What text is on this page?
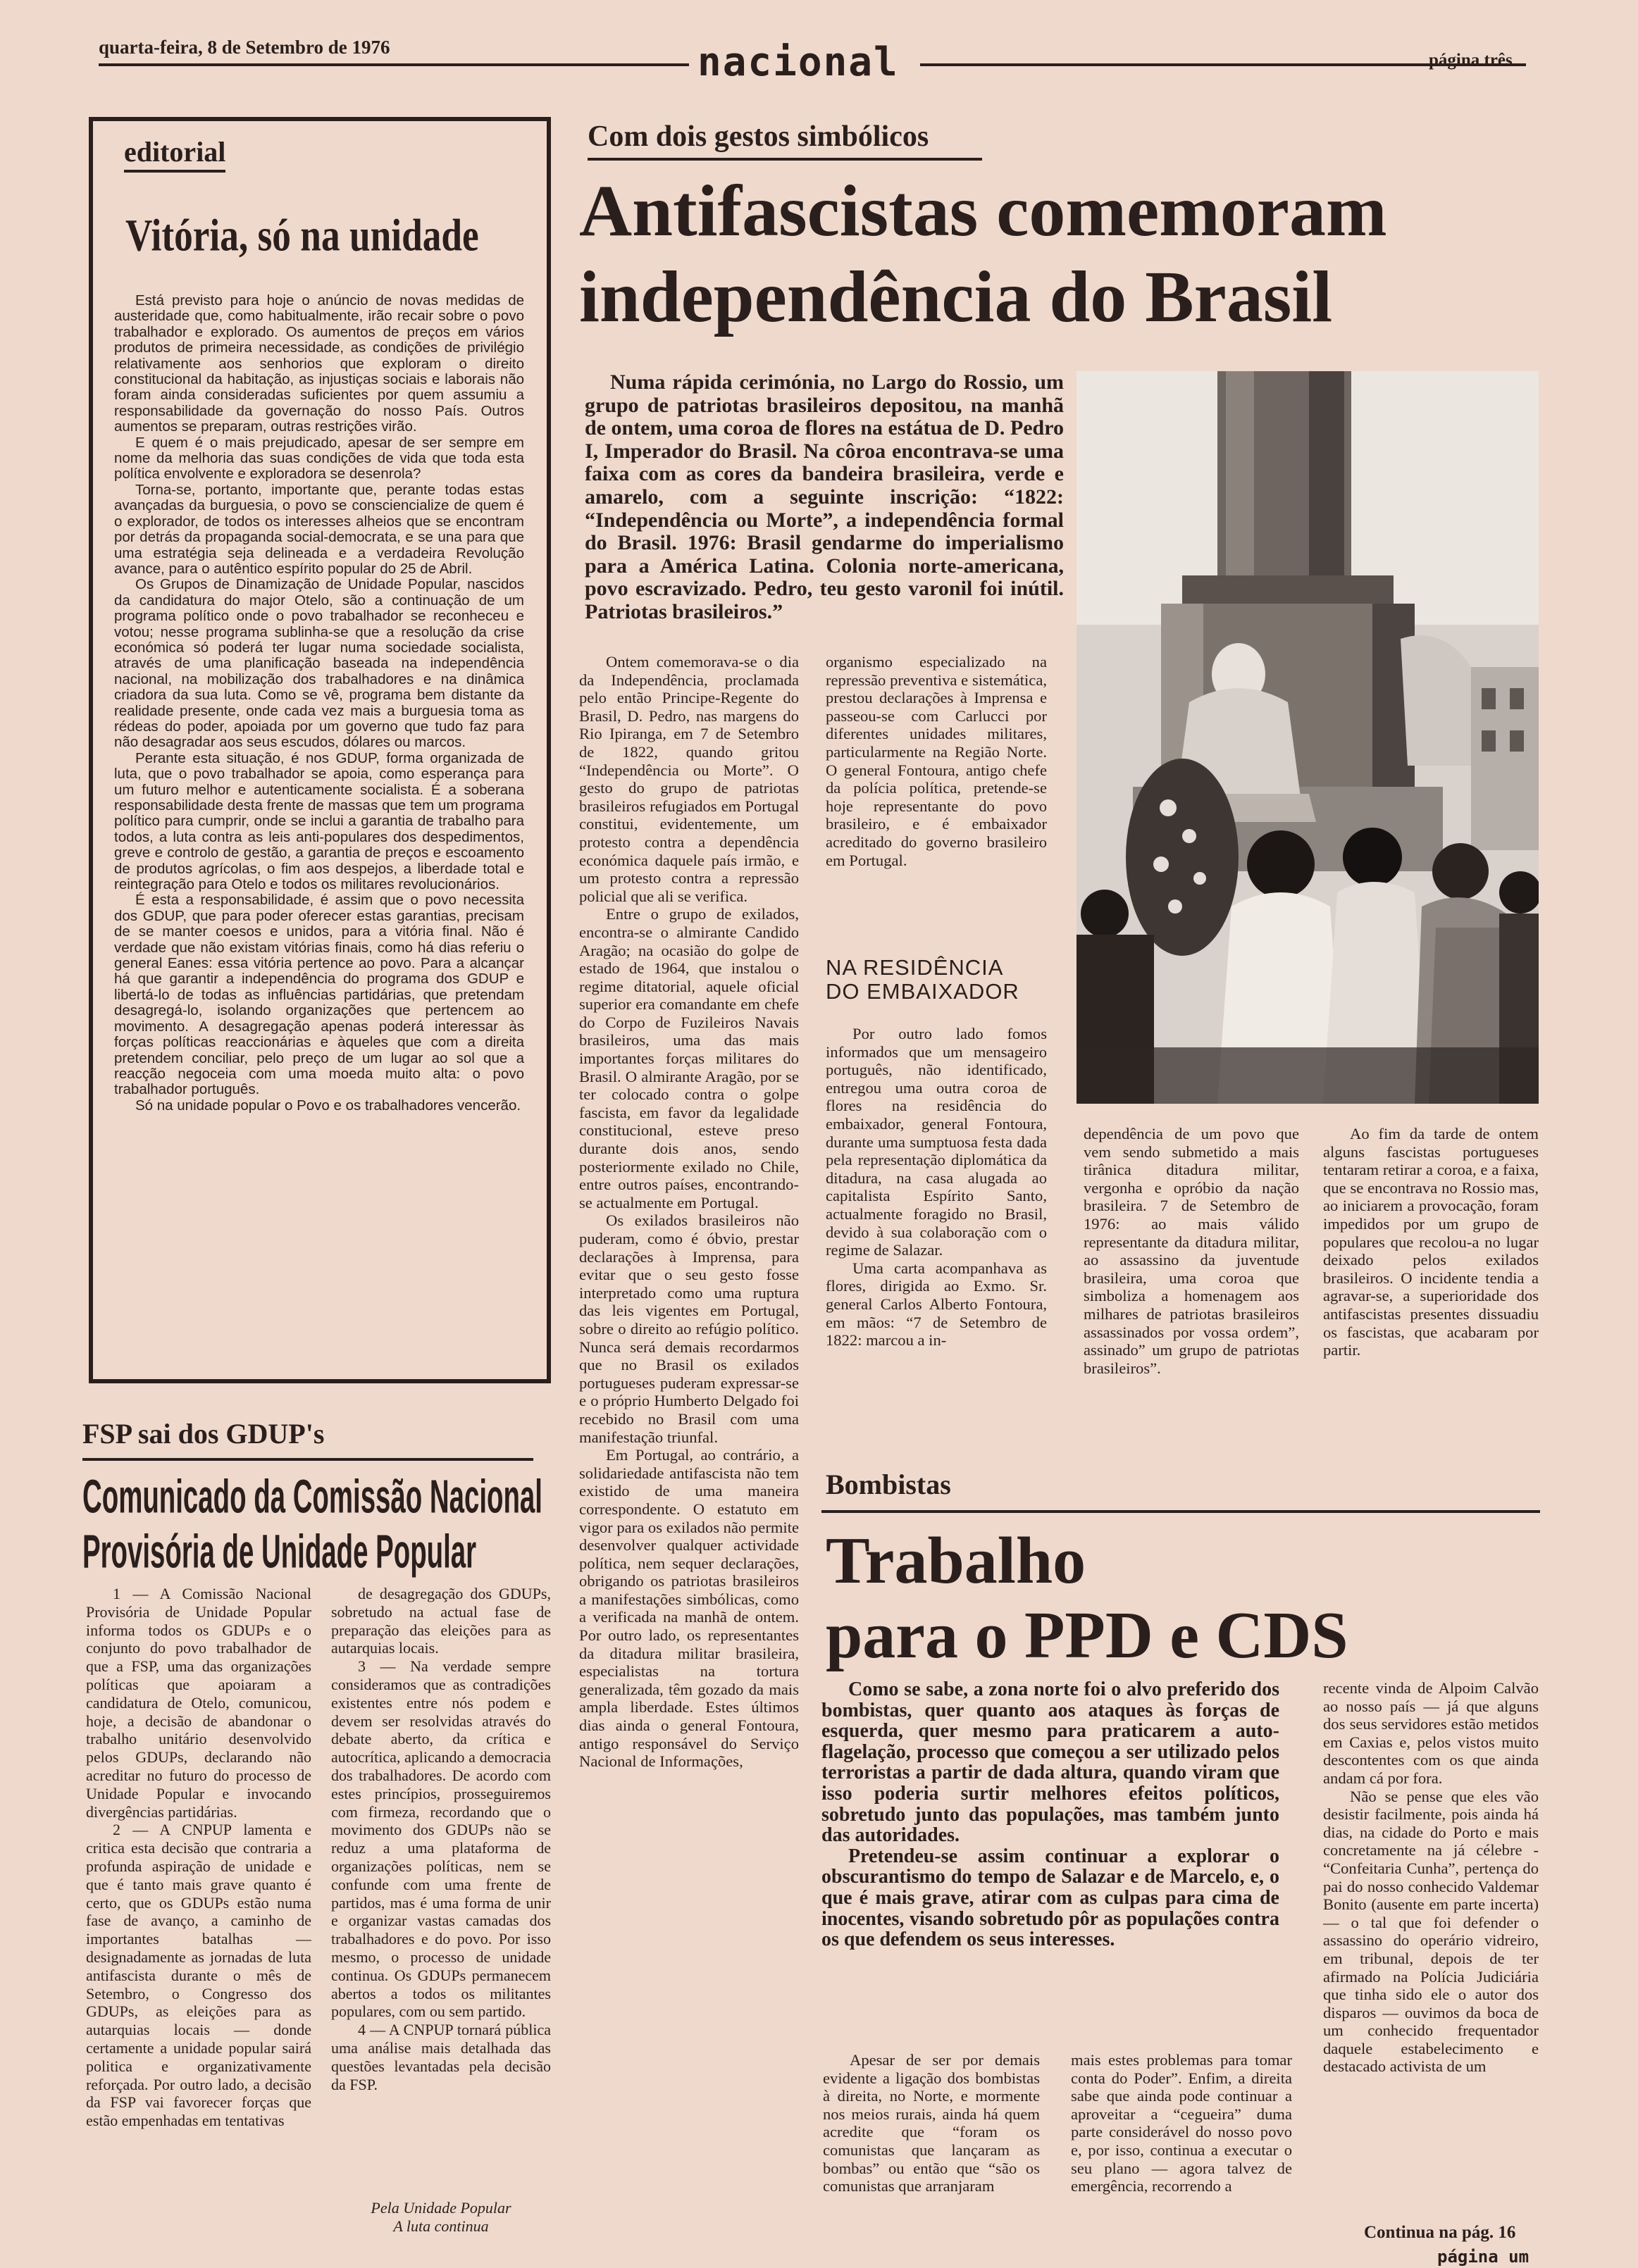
quarta-feira, 8 de Setembro de 1976	nacional	página três
editorial
Vitória, só na unidade

Está previsto para hoje o anúncio de novas medidas de austeridade que, como habitualmente, irão recair sobre o povo trabalhador e explorado. Os aumentos de preços em vários produtos de primeira necessidade, as condições de privilégio relativamente aos senhorios que exploram o direito constitucional da habitação, as injustiças sociais e laborais não foram ainda consideradas suficientes por quem assumiu a responsabilidade da governação do nosso País. Outros aumentos se preparam, outras restrições virão.

E quem é o mais prejudicado, apesar de ser sempre em nome da melhoria das suas condições de vida que toda esta política envolvente e exploradora se desenrola?

Torna-se, portanto, importante que, perante todas estas avançadas da burguesia, o povo se consciencialize de quem é o explorador, de todos os interesses alheios que se encontram por detrás da propaganda social-democrata, e se una para que uma estratégia seja delineada e a verdadeira Revolução avance, para o autêntico espírito popular do 25 de Abril.

Os Grupos de Dinamização de Unidade Popular, nascidos da candidatura do major Otelo, são a continuação de um programa político onde o povo trabalhador se reconheceu e votou; nesse programa sublinha-se que a resolução da crise económica só poderá ter lugar numa sociedade socialista, através de uma planificação baseada na independência nacional, na mobilização dos trabalhadores e na dinâmica criadora da sua luta. Como se vê, programa bem distante da realidade presente, onde cada vez mais a burguesia toma as rédeas do poder, apoiada por um governo que tudo faz para não desagradar aos seus escudos, dólares ou marcos.

Perante esta situação, é nos GDUP, forma organizada de luta, que o povo trabalhador se apoia, como esperança para um futuro melhor e autenticamente socialista. É a soberana responsabilidade desta frente de massas que tem um programa político para cumprir, onde se inclui a garantia de trabalho para todos, a luta contra as leis anti-populares dos despedimentos, greve e controlo de gestão, a garantia de preços e escoamento de produtos agrícolas, o fim aos despejos, a liberdade total e reintegração para Otelo e todos os militares revolucionários.

É esta a responsabilidade, é assim que o povo necessita dos GDUP, que para poder oferecer estas garantias, precisam de se manter coesos e unidos, para a vitória final. Não é verdade que não existam vitórias finais, como há dias referiu o general Eanes: essa vitória pertence ao povo. Para a alcançar há que garantir a independência do programa dos GDUP e libertá-lo de todas as influências partidárias, que pretendam desagregá-lo, isolando organizações que pertencem ao movimento. A desagregação apenas poderá interessar às forças políticas reaccionárias e àqueles que com a direita pretendem conciliar, pelo preço de um lugar ao sol que a reacção negoceia com uma moeda muito alta: o povo trabalhador português.

Só na unidade popular o Povo e os trabalhadores vencerão.

FSP sai dos GDUP's
Comunicado da Comissão Nacional
Provisória de Unidade Popular

1 — A Comissão Nacional Provisória de Unidade Popular informa todos os GDUPs e o conjunto do povo trabalhador de que a FSP, uma das organizações políticas que apoiaram a candidatura de Otelo, comunicou, hoje, a decisão de abandonar o trabalho unitário desenvolvido pelos GDUPs, declarando não acreditar no futuro do processo de Unidade Popular e invocando divergências partidárias.

2 — A CNPUP lamenta e critica esta decisão que contraria a profunda aspiração de unidade e que é tanto mais grave quanto é certo, que os GDUPs estão numa fase de avanço, a caminho de importantes batalhas — designadamente as jornadas de luta antifascista durante o mês de Setembro, o Congresso dos GDUPs, as eleições para as autarquias locais — donde certamente a unidade popular sairá politica e organizativamente reforçada. Por outro lado, a decisão da FSP vai favorecer forças que estão empenhadas em tentativas

de desagregação dos GDUPs, sobretudo na actual fase de preparação das eleições para as autarquias locais.

3 — Na verdade sempre consideramos que as contradições existentes entre nós podem e devem ser resolvidas através do debate aberto, da crítica e autocrítica, aplicando a democracia dos trabalhadores. De acordo com estes princípios, prosseguiremos com firmeza, recordando que o movimento dos GDUPs não se reduz a uma plataforma de organizações políticas, nem se confunde com uma frente de partidos, mas é uma forma de unir e organizar vastas camadas dos trabalhadores e do povo. Por isso mesmo, o processo de unidade continua. Os GDUPs permanecem abertos a todos os militantes populares, com ou sem partido.

4 — A CNPUP tornará pública uma análise mais detalhada das questões levantadas pela decisão da FSP.

Pela Unidade Popular
A luta continua
Com dois gestos simbólicos
Antifascistas comemoram
independência do Brasil
Numa rápida cerimónia, no Largo do Rossio, um grupo de patriotas brasileiros depositou, na manhã de ontem, uma coroa de flores na estátua de D. Pedro I, Imperador do Brasil. Na côroa encontrava-se uma faixa com as cores da bandeira brasileira, verde e amarelo, com a seguinte inscrição: “1822: “Independência ou Morte”, a independência formal do Brasil. 1976: Brasil gendarme do imperialismo para a América Latina. Colonia norte-americana, povo escravizado. Pedro, teu gesto varonil foi inútil. Patriotas brasileiros.”

Ontem comemorava-se o dia da Independência, proclamada pelo então Principe-Regente do Brasil, D. Pedro, nas margens do Rio Ipiranga, em 7 de Setembro de 1822, quando gritou “Independência ou Morte”. O gesto do grupo de patriotas brasileiros refugiados em Portugal constitui, evidentemente, um protesto contra a dependência económica daquele país irmão, e um protesto contra a repressão policial que ali se verifica.

Entre o grupo de exilados, encontra-se o almirante Candido Aragão; na ocasião do golpe de estado de 1964, que instalou o regime ditatorial, aquele oficial superior era comandante em chefe do Corpo de Fuzileiros Navais brasileiros, uma das mais importantes forças militares do Brasil. O almirante Aragão, por se ter colocado contra o golpe fascista, em favor da legalidade constitucional, esteve preso durante dois anos, sendo posteriormente exilado no Chile, entre outros países, encontrando-se actualmente em Portugal.

Os exilados brasileiros não puderam, como é óbvio, prestar declarações à Imprensa, para evitar que o seu gesto fosse interpretado como uma ruptura das leis vigentes em Portugal, sobre o direito ao refúgio político. Nunca será demais recordarmos que no Brasil os exilados portugueses puderam expressar-se e o próprio Humberto Delgado foi recebido no Brasil com uma manifestação triunfal.

Em Portugal, ao contrário, a solidariedade antifascista não tem existido de uma maneira correspondente. O estatuto em vigor para os exilados não permite desenvolver qualquer actividade política, nem sequer declarações, obrigando os patriotas brasileiros a manifestações simbólicas, como a verificada na manhã de ontem. Por outro lado, os representantes da ditadura militar brasileira, especialistas na tortura generalizada, têm gozado da mais ampla liberdade. Estes últimos dias ainda o general Fontoura, antigo responsável do Serviço Nacional de Informações,

organismo especializado na repressão preventiva e sistemática, prestou declarações à Imprensa e passeou-se com Carlucci por diferentes unidades militares, particularmente na Região Norte. O general Fontoura, antigo chefe da polícia política, pretende-se hoje representante do povo brasileiro, e é embaixador acreditado do governo brasileiro em Portugal.

NA RESIDÊNCIA
DO EMBAIXADOR

Por outro lado fomos informados que um mensageiro português, não identificado, entregou uma outra coroa de flores na residência do embaixador, general Fontoura, durante uma sumptuosa festa dada pela representação diplomática da ditadura, na casa alugada ao capitalista Espírito Santo, actualmente foragido no Brasil, devido à sua colaboração com o regime de Salazar.

Uma carta acompanhava as flores, dirigida ao Exmo. Sr. general Carlos Alberto Fontoura, em mãos: “7 de Setembro de 1822: marcou a in-

dependência de um povo que vem sendo submetido a mais tirânica ditadura militar, vergonha e opróbio da nação brasileira. 7 de Setembro de 1976: ao mais válido representante da ditadura militar, ao assassino da juventude brasileira, uma coroa que simboliza a homenagem aos milhares de patriotas brasileiros assassinados por vossa ordem”, assinado” um grupo de patriotas brasileiros”.

Ao fim da tarde de ontem alguns fascistas portugueses tentaram retirar a coroa, e a faixa, que se encontrava no Rossio mas, ao iniciarem a provocação, foram impedidos por um grupo de populares que recolou-a no lugar deixado pelos exilados brasileiros. O incidente tendia a agravar-se, a superioridade dos antifascistas presentes dissuadiu os fascistas, que acabaram por partir.

Bombistas
Trabalho
para o PPD e CDS

Como se sabe, a zona norte foi o alvo preferido dos bombistas, quer quanto aos ataques às forças de esquerda, quer mesmo para praticarem a auto-flagelação, processo que começou a ser utilizado pelos terroristas a partir de dada altura, quando viram que isso poderia surtir melhores efeitos políticos, sobretudo junto das populações, mas também junto das autoridades.

Pretendeu-se assim continuar a explorar o obscurantismo do tempo de Salazar e de Marcelo, e, o que é mais grave, atirar com as culpas para cima de inocentes, visando sobretudo pôr as populações contra os que defendem os seus interesses.

Apesar de ser por demais evidente a ligação dos bombistas à direita, no Norte, e mormente nos meios rurais, ainda há quem acredite que “foram os comunistas que lançaram as bombas” ou então que “são os comunistas que arranjaram

mais estes problemas para tomar conta do Poder”. Enfim, a direita sabe que ainda pode continuar a aproveitar a “cegueira” duma parte considerável do nosso povo e, por isso, continua a executar o seu plano — agora talvez de emergência, recorrendo a

recente vinda de Alpoim Calvão ao nosso país — já que alguns dos seus servidores estão metidos em Caxias e, pelos vistos muito descontentes com os que ainda andam cá por fora.

Não se pense que eles vão desistir facilmente, pois ainda há dias, na cidade do Porto e mais concretamente na já célebre - “Confeitaria Cunha”, pertença do pai do nosso conhecido Valdemar Bonito (ausente em parte incerta) — o tal que foi defender o assassino do operário vidreiro, em tribunal, depois de ter afirmado na Polícia Judiciária que tinha sido ele o autor dos disparos — ouvimos da boca de um conhecido frequentador daquele estabelecimento e destacado activista de um

Continua na pág. 16
página um
